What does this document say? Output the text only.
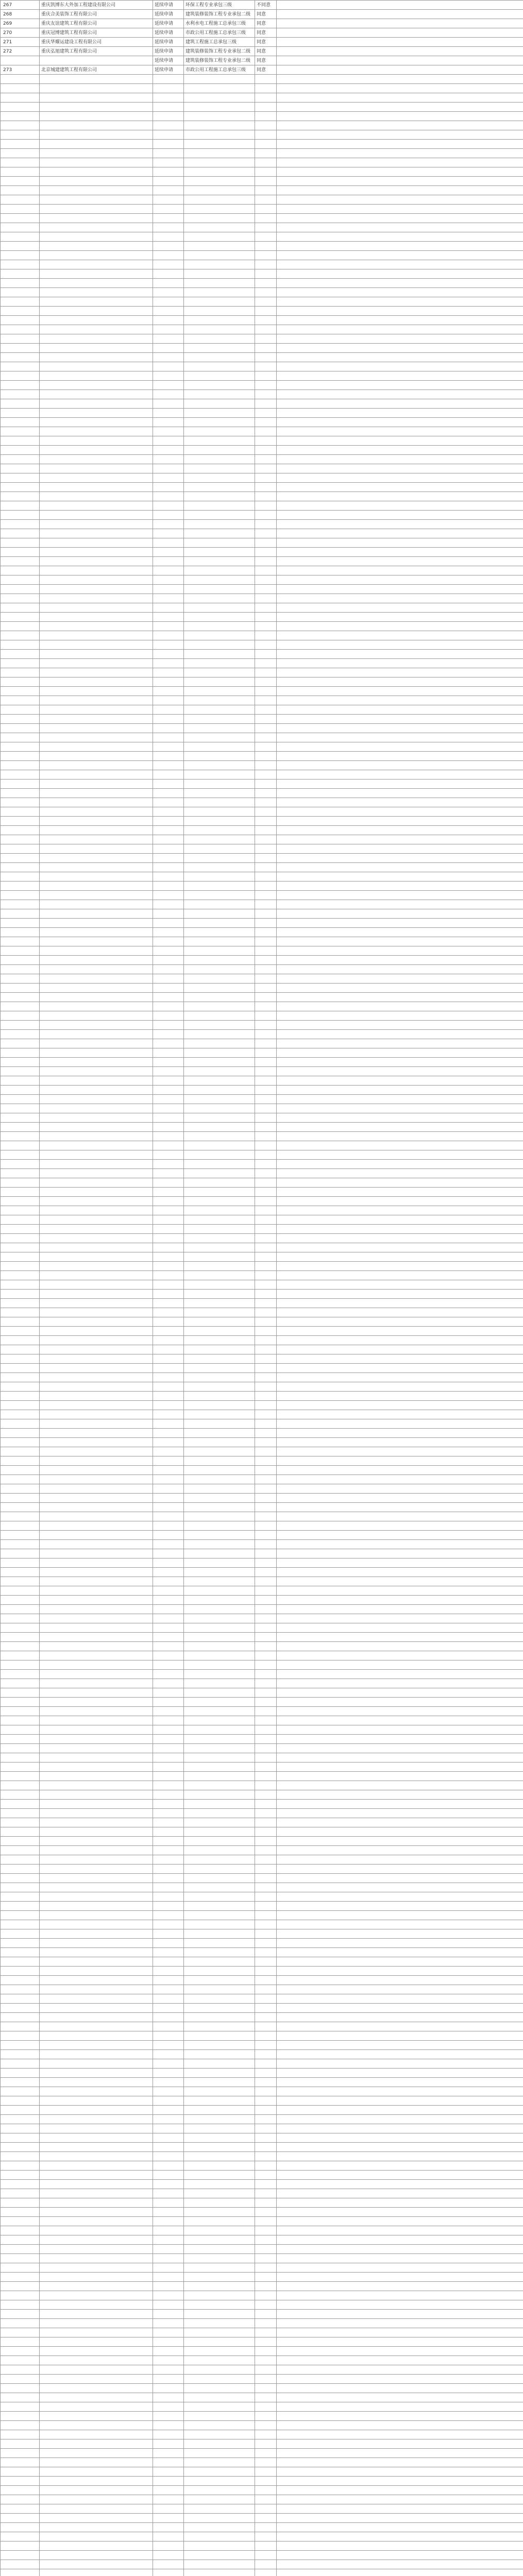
267	重庆凯博东大外加工程建设有限公司	延续申请	环保工程专业承包三级	不同意	
268	重庆合美装饰工程有限公司	延续申请	建筑装修装饰工程专业承包二级	同意	
269	重庆友谊建筑工程有限公司	延续申请	水利水电工程施工总承包三级	同意	
270	重庆冠博建筑工程有限公司	延续申请	市政公用工程施工总承包三级	同意	
271	重庆华耀运建设工程有限公司	延续申请	建筑工程施工总承包三级	同意	
272	重庆弘旭建筑工程有限公司	延续申请	建筑装修装饰工程专业承包二级	同意	
		延续申请	建筑装修装饰工程专业承包二级	同意	
273	北京城建建筑工程有限公司	延续申请	市政公用工程施工总承包三级	同意	
